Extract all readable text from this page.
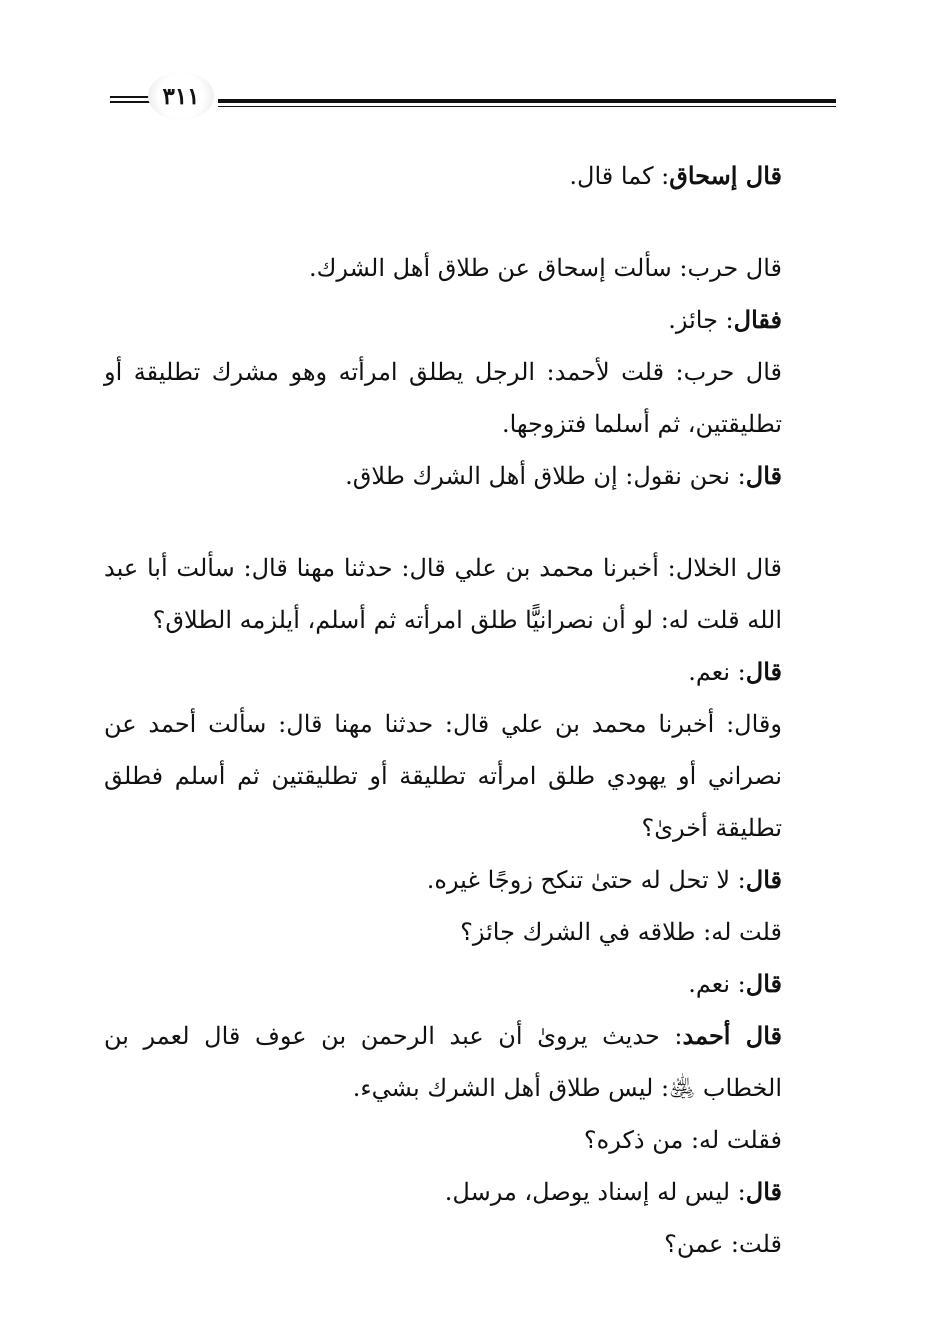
٣١١

قال إسحاق: كما قال.

قال حرب: سألت إسحاق عن طلاق أهل الشرك.

فقال: جائز.

قال حرب: قلت لأحمد: الرجل يطلق امرأته وهو مشرك تطليقة أو تطليقتين، ثم أسلما فتزوجها.

قال: نحن نقول: إن طلاق أهل الشرك طلاق.

قال الخلال: أخبرنا محمد بن علي قال: حدثنا مهنا قال: سألت أبا عبد الله قلت له: لو أن نصرانيًّا طلق امرأته ثم أسلم، أيلزمه الطلاق؟

قال: نعم.

وقال: أخبرنا محمد بن علي قال: حدثنا مهنا قال: سألت أحمد عن نصراني أو يهودي طلق امرأته تطليقة أو تطليقتين ثم أسلم فطلق تطليقة أخرىٰ؟

قال: لا تحل له حتىٰ تنكح زوجًا غيره.

قلت له: طلاقه في الشرك جائز؟

قال: نعم.

قال أحمد: حديث يروىٰ أن عبد الرحمن بن عوف قال لعمر بن الخطاب ﵁: ليس طلاق أهل الشرك بشيء.

فقلت له: من ذكره؟

قال: ليس له إسناد يوصل، مرسل.

قلت: عمن؟
